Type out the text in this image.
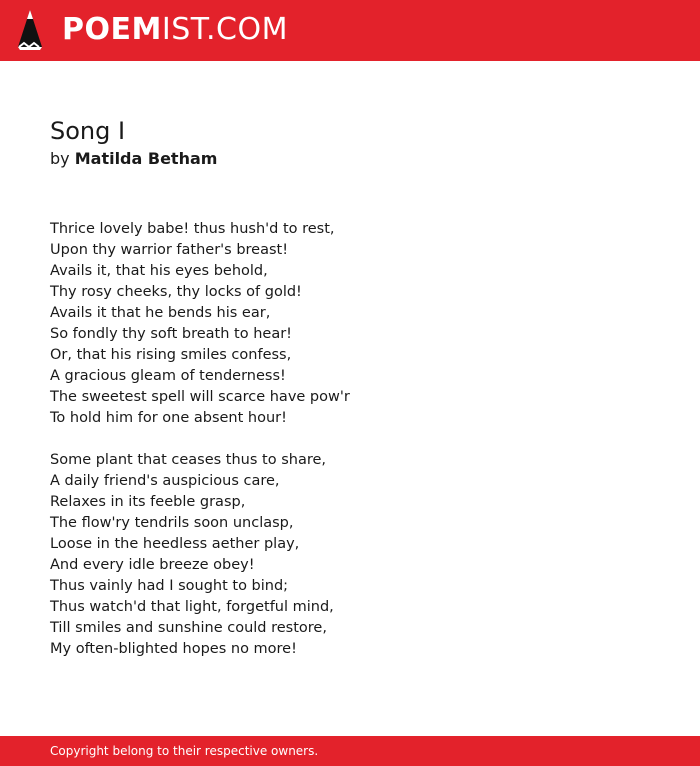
POEMIST.COM
Song I
by Matilda Betham
Thrice lovely babe! thus hush'd to rest,
Upon thy warrior father's breast!
Avails it, that his eyes behold,
Thy rosy cheeks, thy locks of gold!
Avails it that he bends his ear,
So fondly thy soft breath to hear!
Or, that his rising smiles confess,
A gracious gleam of tenderness!
The sweetest spell will scarce have pow'r
To hold him for one absent hour!
Some plant that ceases thus to share,
A daily friend's auspicious care,
Relaxes in its feeble grasp,
The flow'ry tendrils soon unclasp,
Loose in the heedless aether play,
And every idle breeze obey!
Thus vainly had I sought to bind;
Thus watch'd that light, forgetful mind,
Till smiles and sunshine could restore,
My often-blighted hopes no more!
Copyright belong to their respective owners.
